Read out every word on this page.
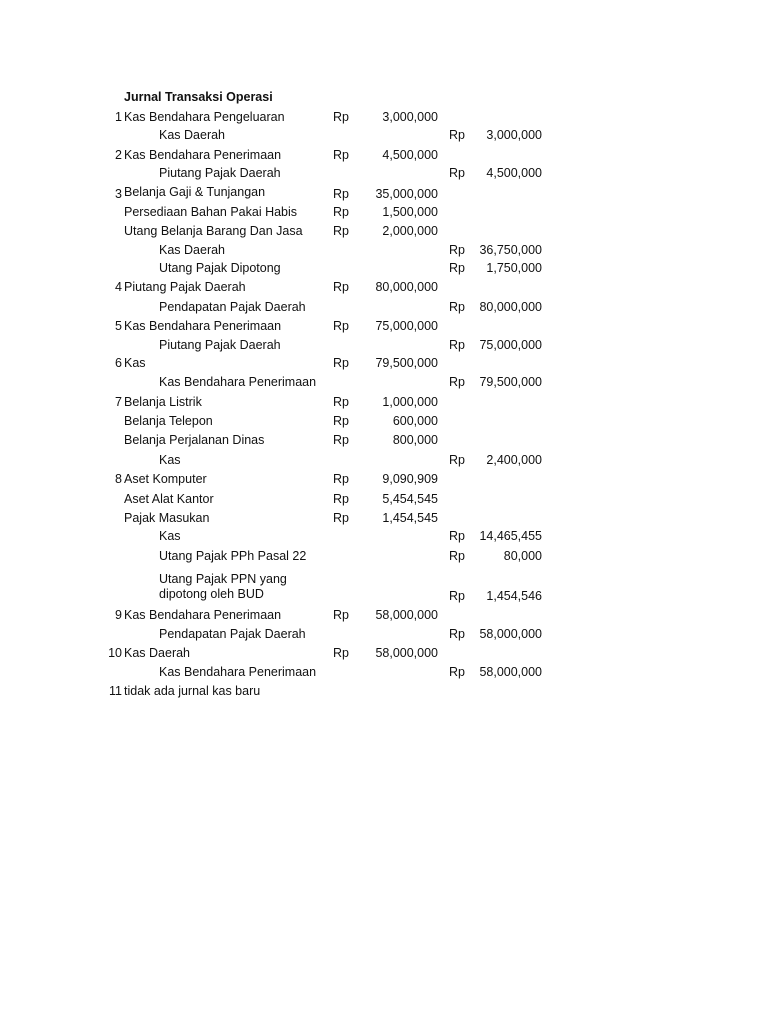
Jurnal Transaksi Operasi
1 Kas Bendahara Pengeluaran	Rp	3,000,000
Kas Daerah	Rp	3,000,000
2 Kas Bendahara Penerimaan	Rp	4,500,000
Piutang Pajak Daerah	Rp	4,500,000
3 Belanja Gaji & Tunjangan	Rp	35,000,000
Persediaan Bahan Pakai Habis	Rp	1,500,000
Utang Belanja Barang Dan Jasa Rp	2,000,000
Kas Daerah	Rp	36,750,000
Utang Pajak Dipotong	Rp	1,750,000
4 Piutang Pajak Daerah	Rp	80,000,000
Pendapatan Pajak Daerah	Rp	80,000,000
5 Kas Bendahara Penerimaan	Rp	75,000,000
Piutang Pajak Daerah	Rp	75,000,000
6 Kas	Rp	79,500,000
Kas Bendahara Penerimaan	Rp	79,500,000
7 Belanja Listrik	Rp	1,000,000
Belanja Telepon	Rp	600,000
Belanja Perjalanan Dinas	Rp	800,000
Kas	Rp	2,400,000
8 Aset Komputer	Rp	9,090,909
Aset Alat Kantor	Rp	5,454,545
Pajak Masukan	Rp	1,454,545
Kas	Rp	14,465,455
Utang Pajak PPh Pasal 22	Rp	80,000
Utang Pajak PPN yang
dipotong oleh BUD	Rp	1,454,546
9 Kas Bendahara Penerimaan	Rp	58,000,000
Pendapatan Pajak Daerah	Rp	58,000,000
10 Kas Daerah	Rp	58,000,000
Kas Bendahara Penerimaan	Rp	58,000,000
11 tidak ada jurnal kas baru
